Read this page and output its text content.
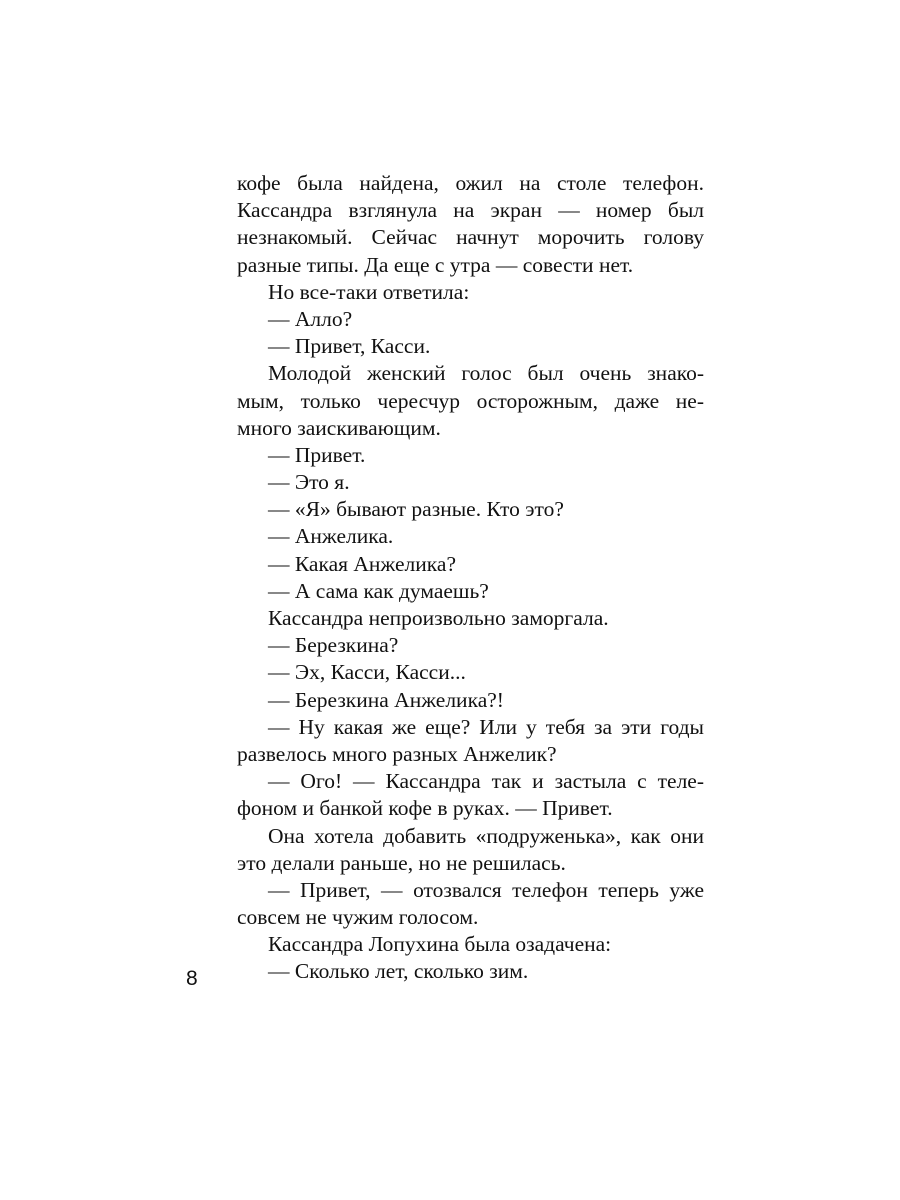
кофе была найдена, ожил на столе телефон.
Кассандра взглянула на экран — номер был
незнакомый. Сейчас начнут морочить голову
разные типы. Да еще с утра — совести нет.
Но все-таки ответила:
— Алло?
— Привет, Касси.
Молодой женский голос был очень знако-
мым, только чересчур осторожным, даже не-
много заискивающим.
— Привет.
— Это я.
— «Я» бывают разные. Кто это?
— Анжелика.
— Какая Анжелика?
— А сама как думаешь?
Кассандра непроизвольно заморгала.
— Березкина?
— Эх, Касси, Касси...
— Березкина Анжелика?!
— Ну какая же еще? Или у тебя за эти годы
развелось много разных Анжелик?
— Ого! — Кассандра так и застыла с теле-
фоном и банкой кофе в руках. — Привет.
Она хотела добавить «подруженька», как они
это делали раньше, но не решилась.
— Привет, — отозвался телефон теперь уже
совсем не чужим голосом.
Кассандра Лопухина была озадачена:
— Сколько лет, сколько зим.
8
